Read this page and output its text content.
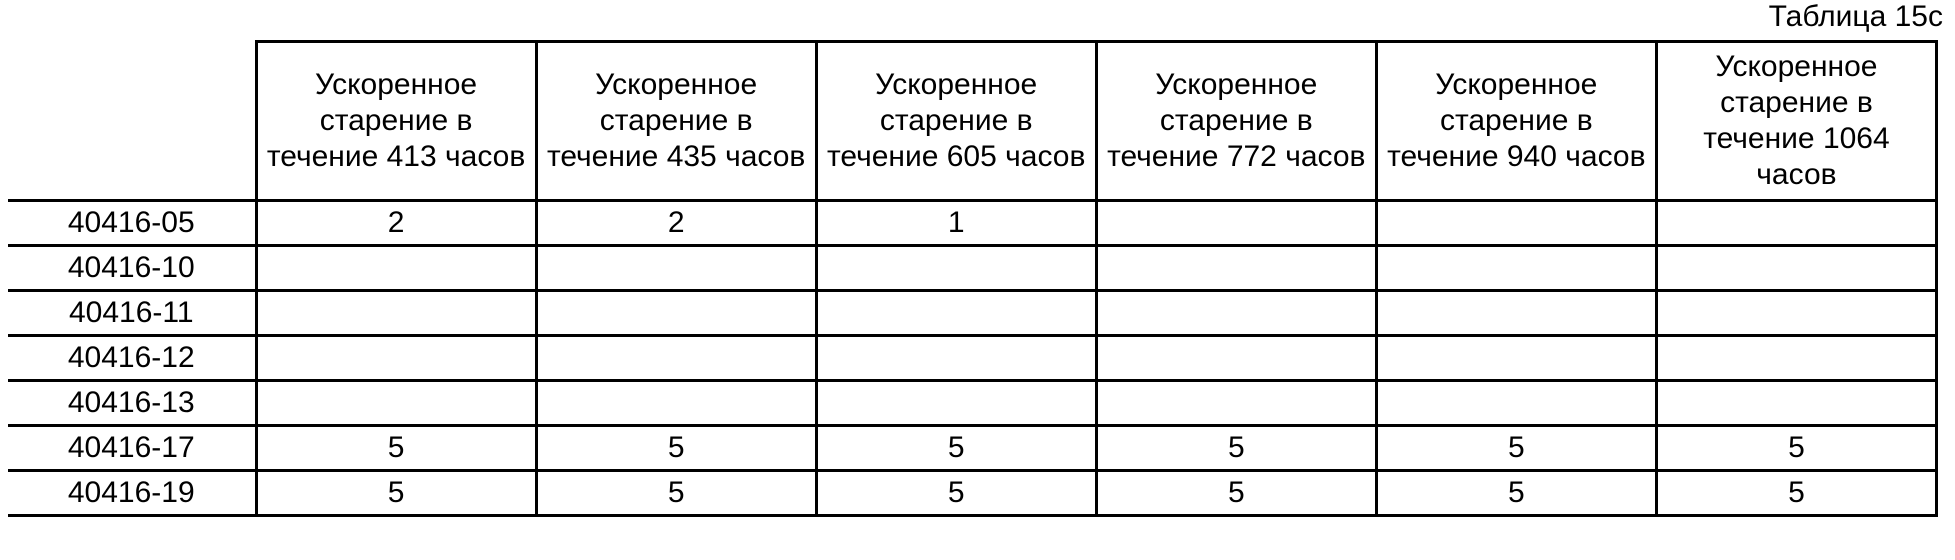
Таблица 15с
	Ускоренное старение в течение 413 часов	Ускоренное старение в течение 435 часов	Ускоренное старение в течение 605 часов	Ускоренное старение в течение 772 часов	Ускоренное старение в течение 940 часов	Ускоренное старение в течение 1064 часов
40416-05	2	2	1			
40416-10						
40416-11						
40416-12						
40416-13						
40416-17	5	5	5	5	5	5
40416-19	5	5	5	5	5	5
